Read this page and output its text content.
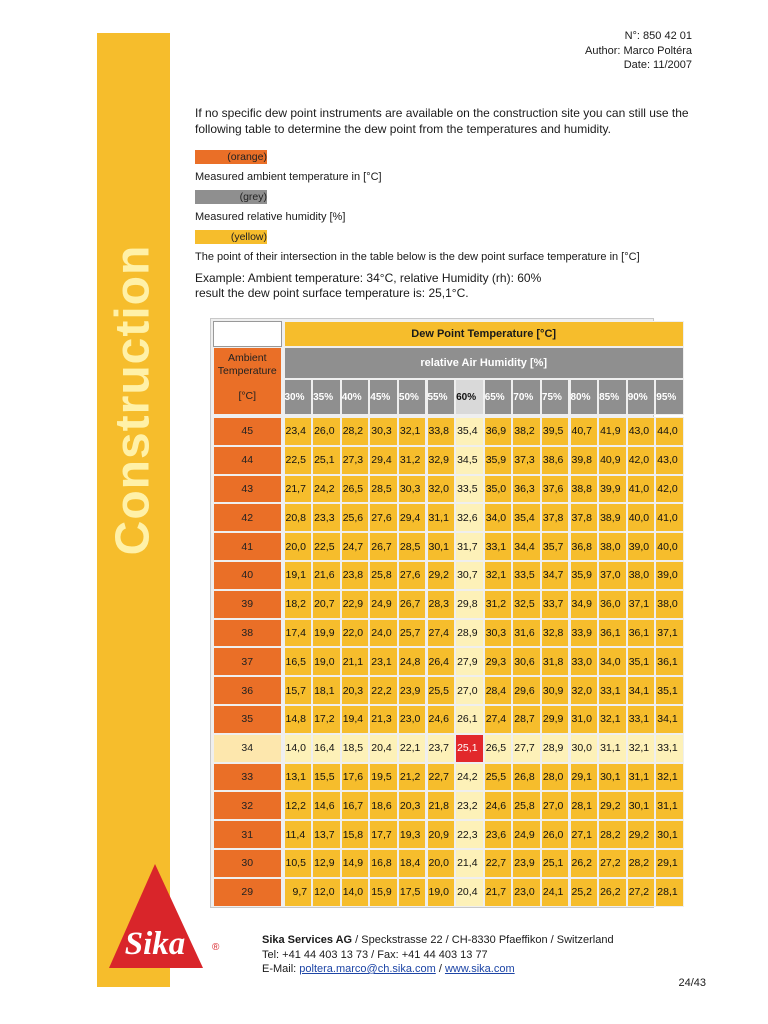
Construction
N°: 850 42 01
Author: Marco Poltéra
Date: 11/2007
If no specific dew point instruments are available on the construction site you can still use the following table to determine the dew point from the temperatures and humidity.
(orange)
Measured ambient temperature in [°C]
(grey)
Measured relative humidity [%]
(yellow)
The point of their intersection in the table below is the dew point surface temperature in [°C]
Example: Ambient temperature: 34°C, relative Humidity (rh): 60%
result the dew point surface temperature is: 25,1°C.
Dew Point Temperature [°C]
Ambient Temperature
[°C]
relative Air Humidity [%]
30% 35% 40% 45% 50% 55% 60% 65% 70% 75% 80% 85% 90% 95%
45	23,4 26,0 28,2 30,3 32,1 33,8 35,4 36,9 38,2 39,5 40,7 41,9 43,0 44,0
44	22,5 25,1 27,3 29,4 31,2 32,9 34,5 35,9 37,3 38,6 39,8 40,9 42,0 43,0
43	21,7 24,2 26,5 28,5 30,3 32,0 33,5 35,0 36,3 37,6 38,8 39,9 41,0 42,0
42	20,8 23,3 25,6 27,6 29,4 31,1 32,6 34,0 35,4 37,8 37,8 38,9 40,0 41,0
41	20,0 22,5 24,7 26,7 28,5 30,1 31,7 33,1 34,4 35,7 36,8 38,0 39,0 40,0
40	19,1 21,6 23,8 25,8 27,6 29,2 30,7 32,1 33,5 34,7 35,9 37,0 38,0 39,0
39	18,2 20,7 22,9 24,9 26,7 28,3 29,8 31,2 32,5 33,7 34,9 36,0 37,1 38,0
38	17,4 19,9 22,0 24,0 25,7 27,4 28,9 30,3 31,6 32,8 33,9 36,1 36,1 37,1
37	16,5 19,0 21,1 23,1 24,8 26,4 27,9 29,3 30,6 31,8 33,0 34,0 35,1 36,1
36	15,7 18,1 20,3 22,2 23,9 25,5 27,0 28,4 29,6 30,9 32,0 33,1 34,1 35,1
35	14,8 17,2 19,4 21,3 23,0 24,6 26,1 27,4 28,7 29,9 31,0 32,1 33,1 34,1
34	14,0 16,4 18,5 20,4 22,1 23,7 25,1 26,5 27,7 28,9 30,0 31,1 32,1 33,1
33	13,1 15,5 17,6 19,5 21,2 22,7 24,2 25,5 26,8 28,0 29,1 30,1 31,1 32,1
32	12,2 14,6 16,7 18,6 20,3 21,8 23,2 24,6 25,8 27,0 28,1 29,2 30,1 31,1
31	11,4 13,7 15,8 17,7 19,3 20,9 22,3 23,6 24,9 26,0 27,1 28,2 29,2 30,1
30	10,5 12,9 14,9 16,8 18,4 20,0 21,4 22,7 23,9 25,1 26,2 27,2 28,2 29,1
29	9,7 12,0 14,0 15,9 17,5 19,0 20,4 21,7 23,0 24,1 25,2 26,2 27,2 28,1
Sika	®
Sika Services AG / Speckstrasse 22 / CH-8330 Pfaeffikon / Switzerland
Tel: +41 44 403 13 73 / Fax: +41 44 403 13 77
E-Mail: poltera.marco@ch.sika.com / www.sika.com
24/43
